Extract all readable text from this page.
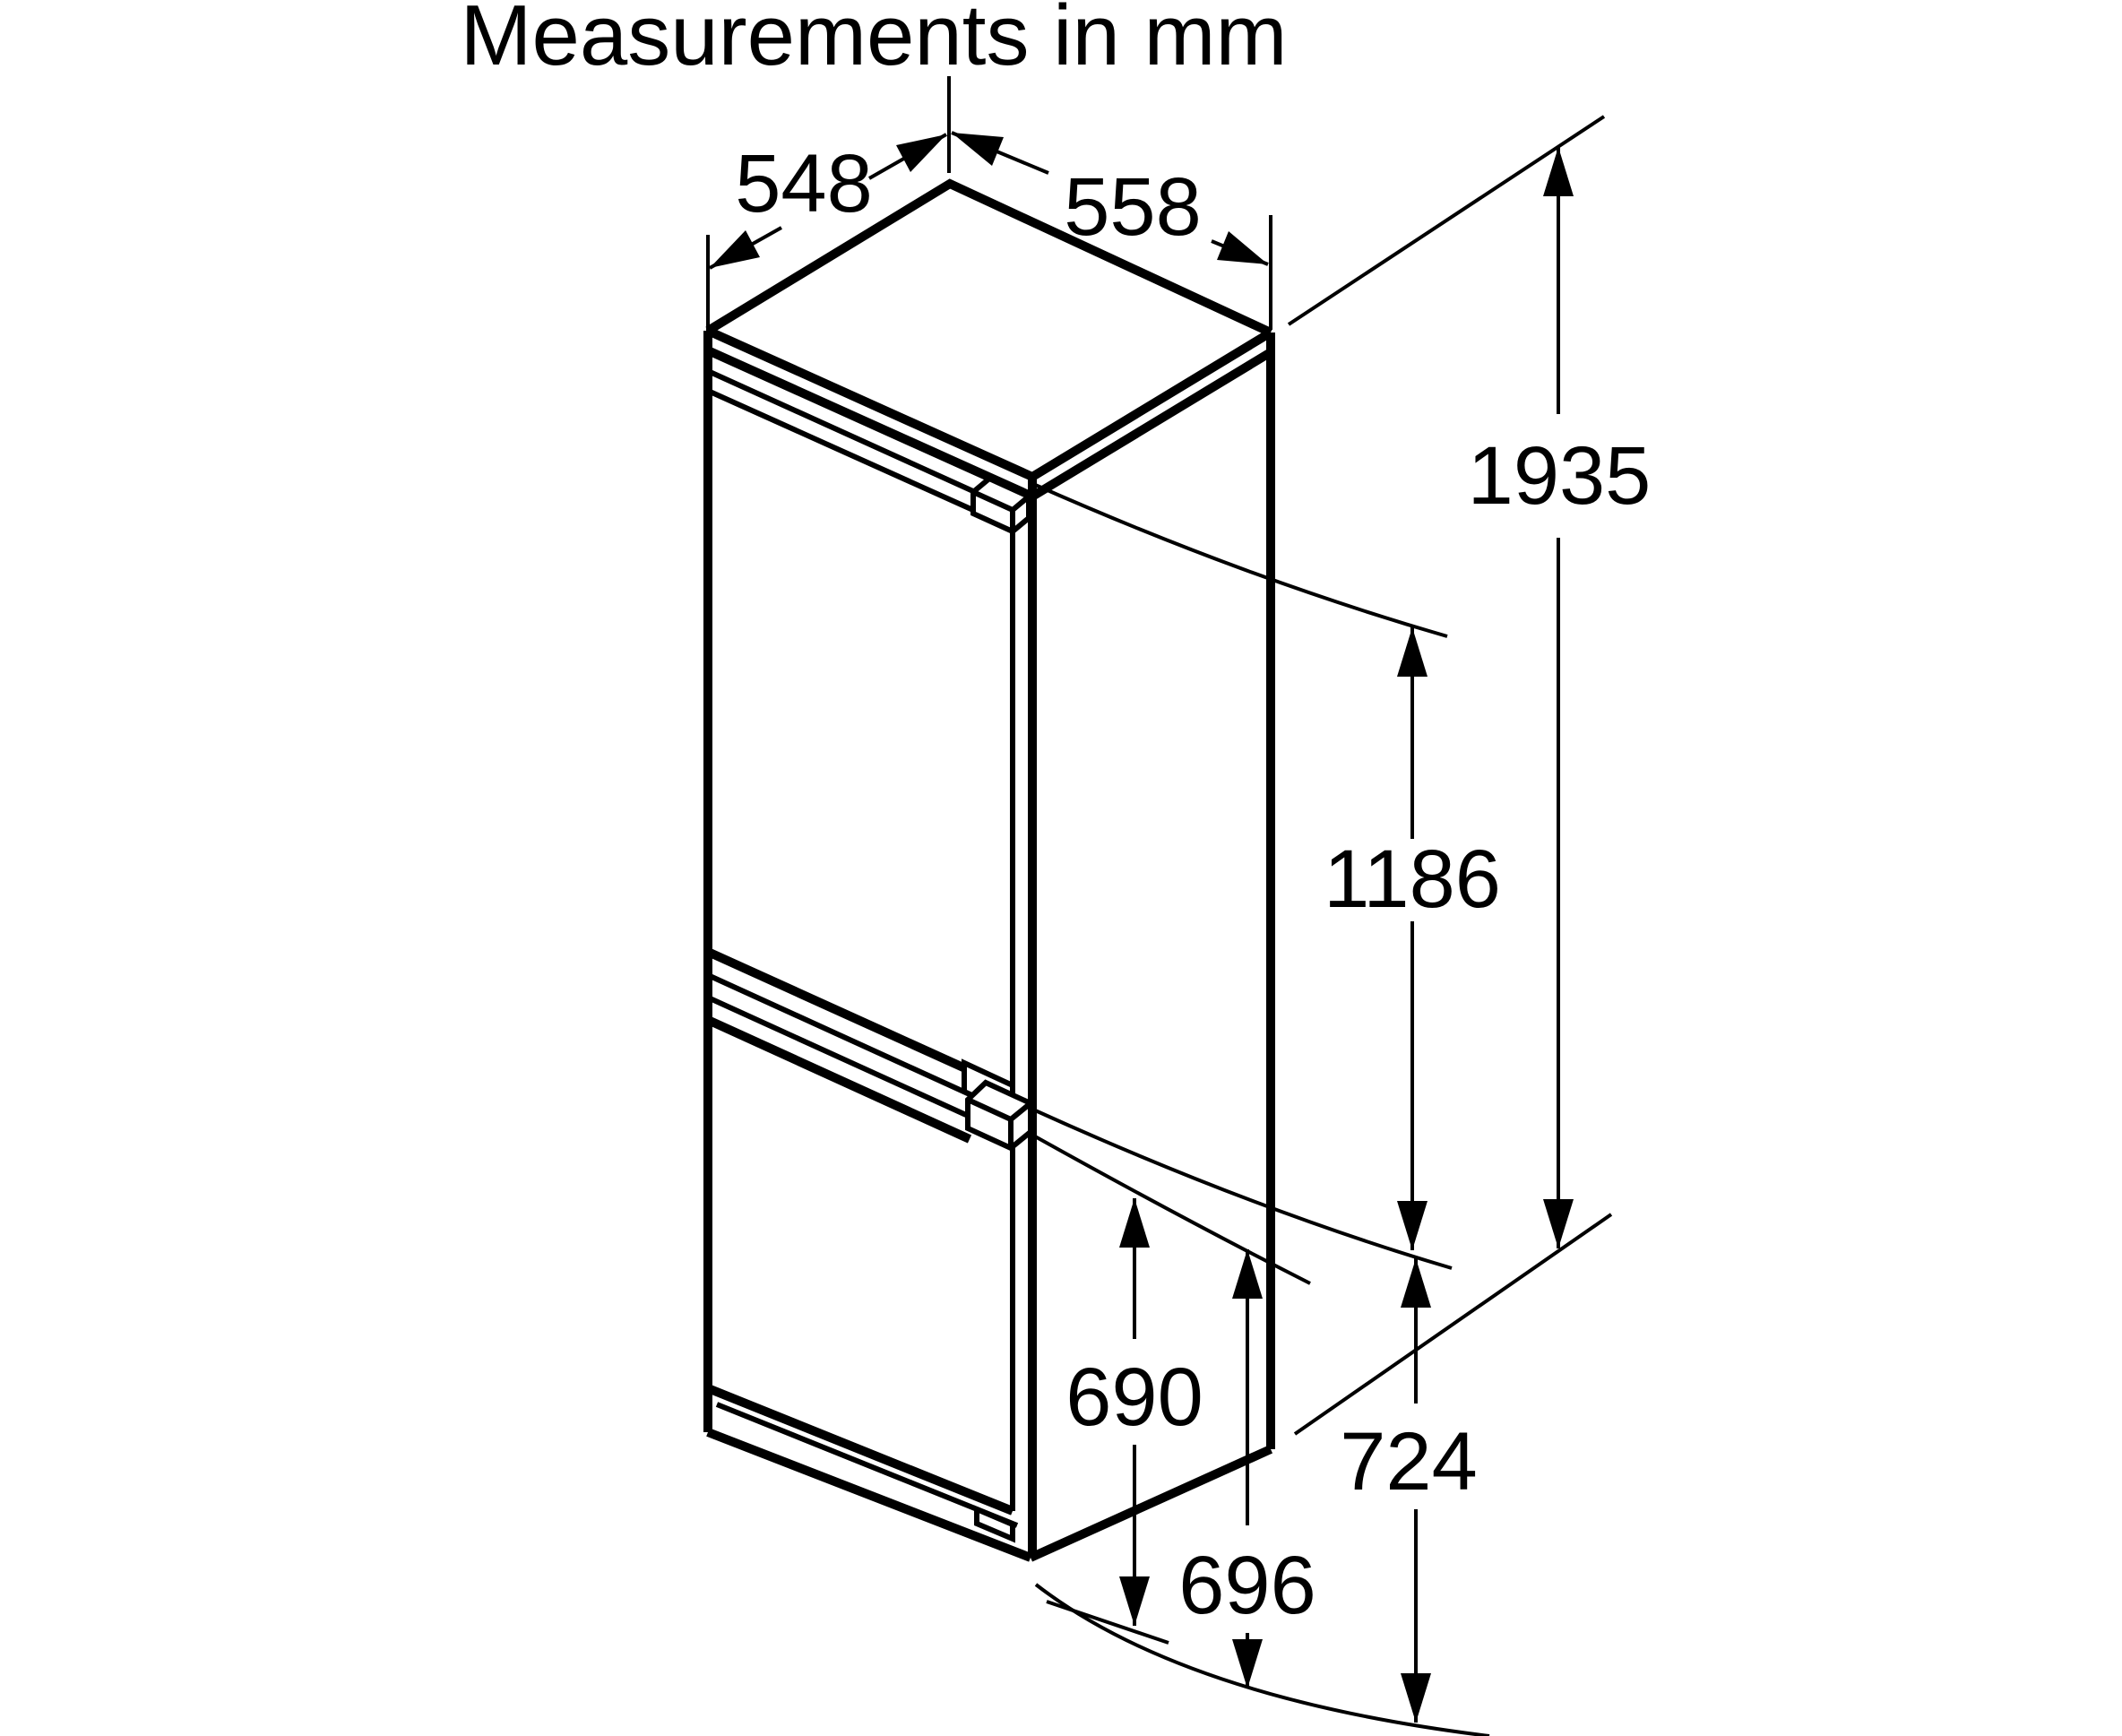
548 558
1935
1186
724
690
696
Measurements in mm
